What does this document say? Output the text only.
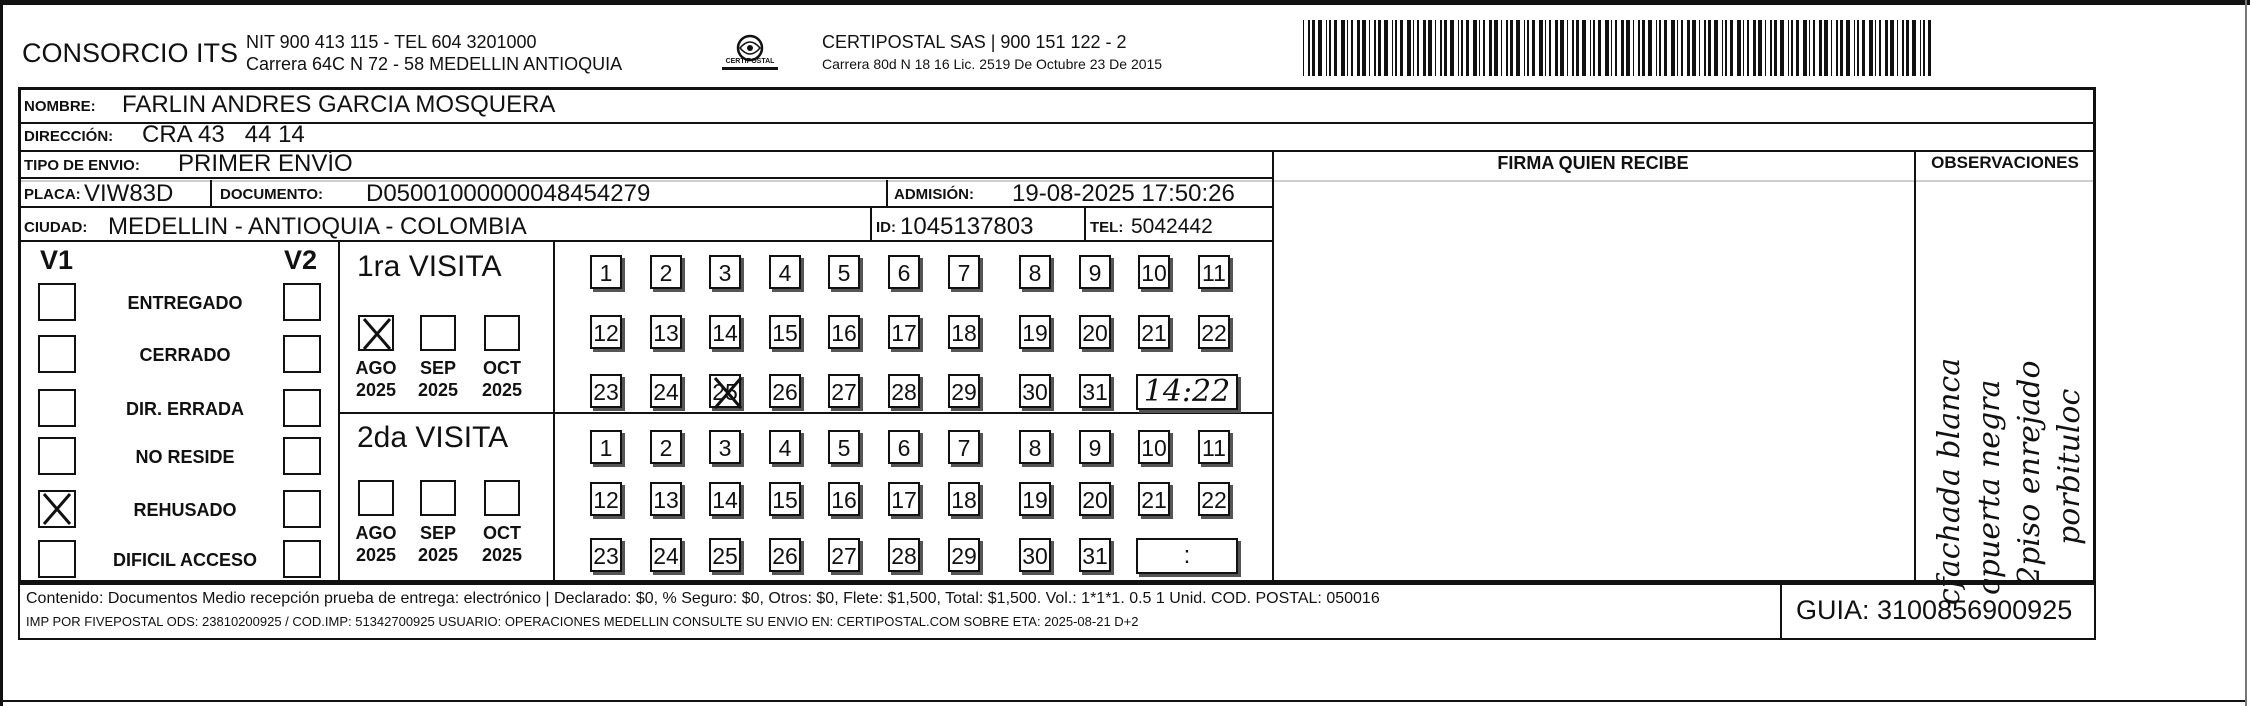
CONSORCIO ITS NIT 900 413 115 - TEL 604 3201000
Carrera 64C N 72 - 58 MEDELLIN ANTIOQUIA	CERTIPOSTAL
CERTIPOSTAL SAS | 900 151 122 - 2
Carrera 80d N 18 16 Lic. 2519 De Octubre 23 De 2015
NOMBRE: FARLIN ANDRES GARCIA MOSQUERA
DIRECCIÓN: CRA 43   44 14
TIPO DE ENVIO: PRIMER ENVÍO	FIRMA QUIEN RECIBE	OBSERVACIONES
PLACA: VIW83D	DOCUMENTO: D05001000000048454279	ADMISIÓN: 19-08-2025 17:50:26
CIUDAD: MEDELLIN - ANTIOQUIA - COLOMBIA	ID: 1045137803	TEL: 5042442
cfachada blanca cpuerta negra 2piso enrejado porbituloc
V1	V2
ENTREGADO
CERRADO
DIR. ERRADA
NO RESIDE
REHUSADO
DIFICIL ACCESO
1ra VISITA
2da VISITA
AGO
2025
SEP
2025
OCT
2025
AGO
2025
SEP
2025
OCT
2025
1	2	3	4	5	6	7	8	9	10 11
12 13 14 15 16 17 18 19 20 21 22
23 24 25 26 27 28 29 30 31 14:22
1	2	3	4	5	6	7	8	9	10 11
12 13 14 15 16 17 18 19 20 21 22
23 24 25 26 27 28 29 30 31	:
Contenido: Documentos Medio recepción prueba de entrega: electrónico | Declarado: $0, % Seguro: $0, Otros: $0, Flete: $1,500, Total: $1,500. Vol.: 1*1*1. 0.5 1 Unid. COD. POSTAL: 050016
IMP POR FIVEPOSTAL ODS: 23810200925 / COD.IMP: 51342700925 USUARIO: OPERACIONES MEDELLIN CONSULTE SU ENVIO EN: CERTIPOSTAL.COM SOBRE ETA: 2025-08-21 D+2	GUIA: 3100856900925
